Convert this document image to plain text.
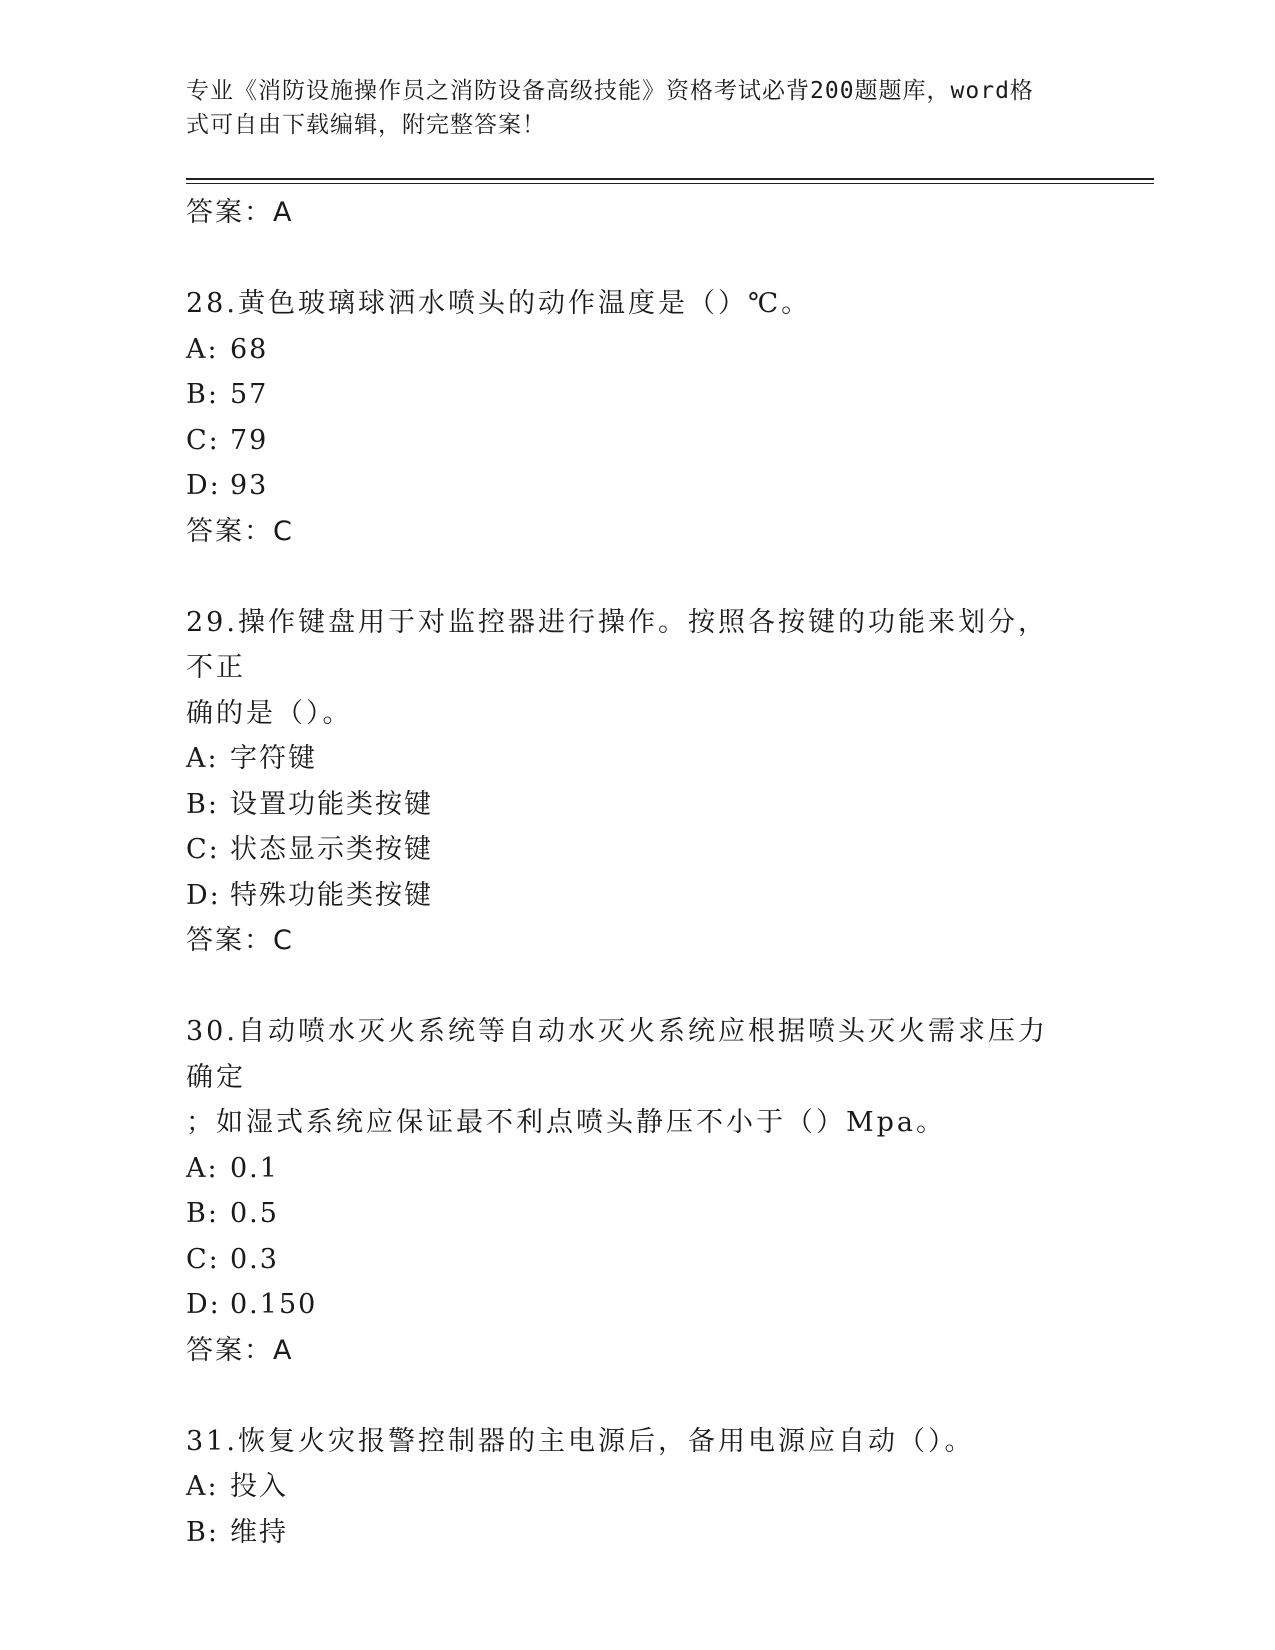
专业《消防设施操作员之消防设备高级技能》资格考试必背200题题库，word格
式可自由下载编辑，附完整答案！
答案：A
28.黄色玻璃球洒水喷头的动作温度是（）℃。
A: 68
B: 57
C: 79
D: 93
答案：C
29.操作键盘用于对监控器进行操作。按照各按键的功能来划分，不正
确的是（）。
A: 字符键
B: 设置功能类按键
C: 状态显示类按键
D: 特殊功能类按键
答案：C
30.自动喷水灭火系统等自动水灭火系统应根据喷头灭火需求压力确定
；如湿式系统应保证最不利点喷头静压不小于（）Mpa。
A: 0.1
B: 0.5
C: 0.3
D: 0.150
答案：A
31.恢复火灾报警控制器的主电源后，备用电源应自动（）。
A: 投入
B: 维持
